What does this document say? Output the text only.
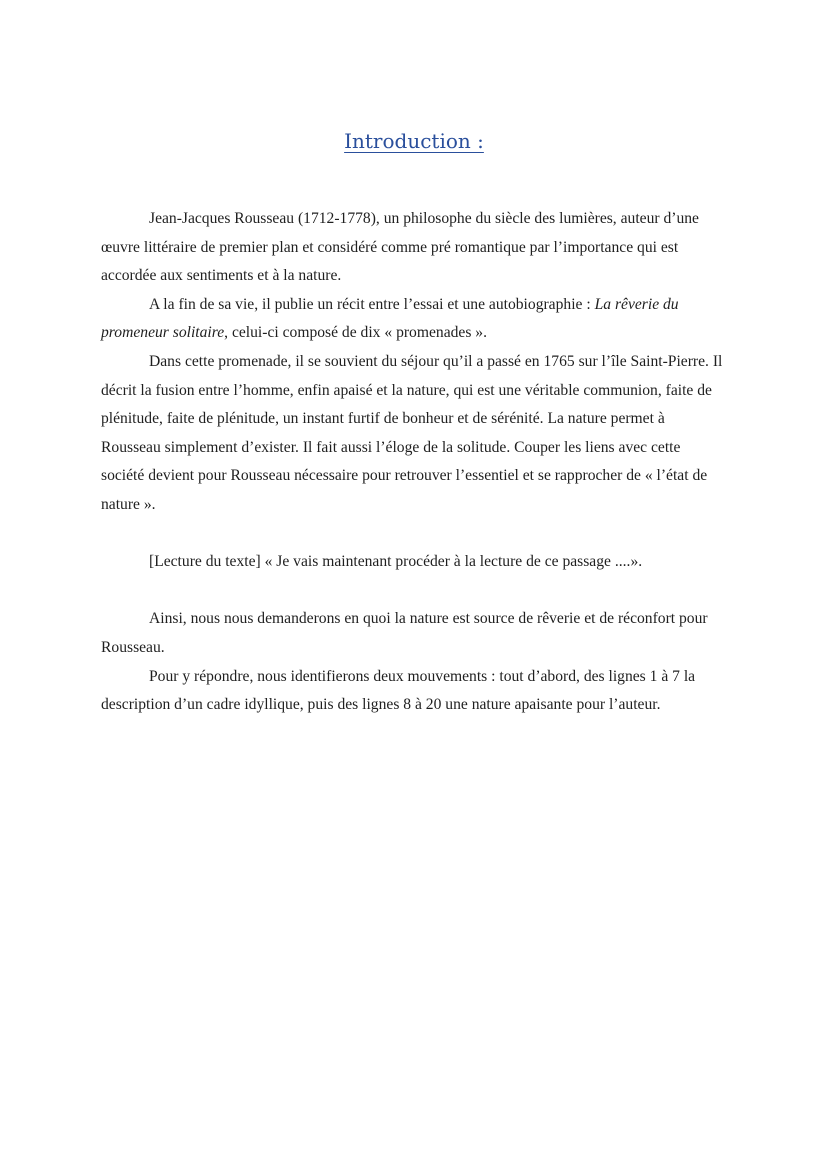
Introduction :

Jean-Jacques Rousseau (1712-1778), un philosophe du siècle des lumières, auteur d’une œuvre littéraire de premier plan et considéré comme pré romantique par l’importance qui est accordée aux sentiments et à la nature.

A la fin de sa vie, il publie un récit entre l’essai et une autobiographie : La rêverie du promeneur solitaire, celui-ci composé de dix « promenades ».

Dans cette promenade, il se souvient du séjour qu’il a passé en 1765 sur l’île Saint-Pierre. Il décrit la fusion entre l’homme, enfin apaisé et la nature, qui est une véritable communion, faite de plénitude, faite de plénitude, un instant furtif de bonheur et de sérénité. La nature permet à Rousseau simplement d’exister. Il fait aussi l’éloge de la solitude. Couper les liens avec cette société devient pour Rousseau nécessaire pour retrouver l’essentiel et se rapprocher de « l’état de nature ».

[Lecture du texte] « Je vais maintenant procéder à la lecture de ce passage ....».

Ainsi, nous nous demanderons en quoi la nature est source de rêverie et de réconfort pour Rousseau.

Pour y répondre, nous identifierons deux mouvements : tout d’abord, des lignes 1 à 7 la description d’un cadre idyllique, puis des lignes 8 à 20 une nature apaisante pour l’auteur.
